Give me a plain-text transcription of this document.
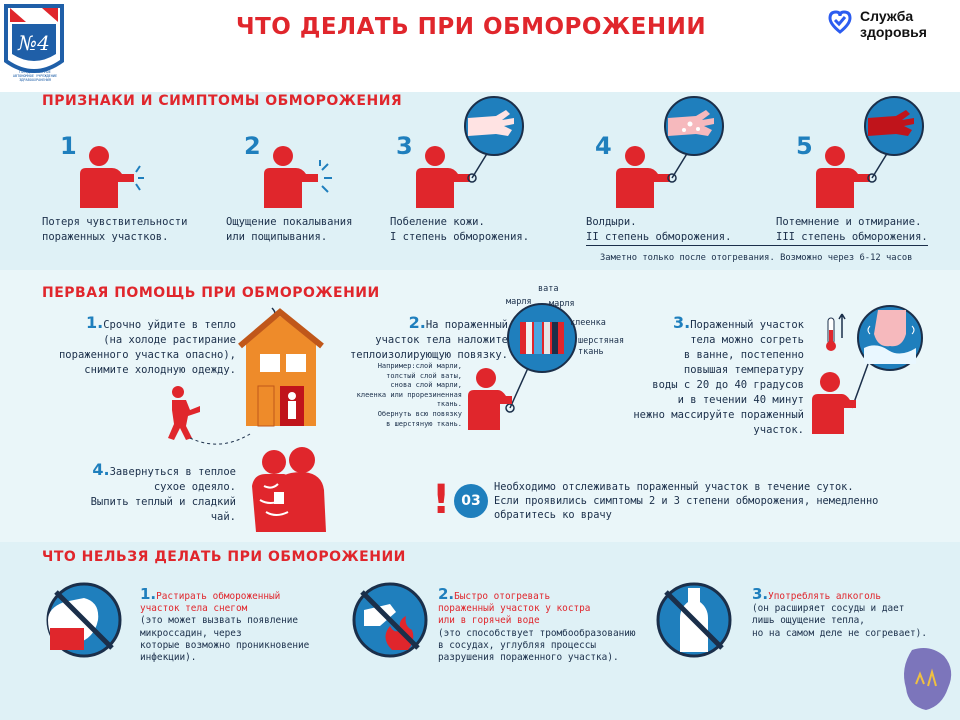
№4
ГОСУДАРСТВЕННОЕ АВТОНОМНОЕ УЧРЕЖДЕНИЕ ЗДРАВООХРАНЕНИЯ
ЧТО ДЕЛАТЬ ПРИ ОБМОРОЖЕНИИ	Служба
здоровья
ПРИЗНАКИ И СИМПТОМЫ ОБМОРОЖЕНИЯ
1
Потеря чувствительности
пораженных участков.
2
Ощущение покалывания
или пощипывания.
3
Побеление кожи.
I степень обморожения.
4
Волдыри.
II степень обморожения.
5
Потемнение и отмирание.
III степень обморожения.
Заметно только после отогревания. Возможно через 6-12 часов
ПЕРВАЯ ПОМОЩЬ ПРИ ОБМОРОЖЕНИИ
1.Срочно уйдите в тепло
(на холоде растирание
пораженного участка опасно),
снимите холодную одежду.
2.На пораженный
участок тела наложите
теплоизолирующую повязку.
Например:слой марли,
толстый слой ваты,
снова слой марли,
клеенка или прорезиненная
ткань.
Обернуть всю повязку
в шерстяную ткань.
вата
марля марля
клеенка
шерстяная
ткань
3.Пораженный участок
тела можно согреть
в ванне, постепенно
повышая температуру
воды с 20 до 40 градусов
и в течении 40 минут
нежно массируйте пораженный
участок.
4.Завернуться в теплое
сухое одеяло.
Выпить теплый и сладкий
чай.	! 03
Необходимо отслеживать пораженный участок в течение суток.
Если проявились симптомы 2 и 3 степени обморожения, немедленно
обратитесь ко врачу
ЧТО НЕЛЬЗЯ ДЕЛАТЬ ПРИ ОБМОРОЖЕНИИ
1.Растирать обмороженный
участок тела снегом
(это может вызвать появление
микроссадин, через
которые возможно проникновение
инфекции).
2.Быстро отогревать
пораженный участок у костра
или в горячей воде
(это способствует тромбообразованию
в сосудах, углубляя процессы
разрушения пораженного участка).
3.Употреблять алкоголь
(он расширяет сосуды и дает
лишь ощущение тепла,
но на самом деле не согревает).
